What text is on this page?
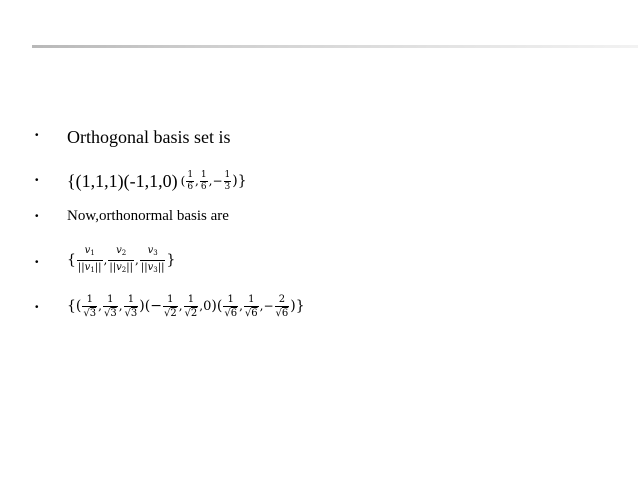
• Orthogonal basis set is
• {(1,1,1)(-1,1,0) ( $\frac{1}{6}$ , $\frac{1}{6}$ , − $\frac{1}{3}$ )}
• Now,orthonormal basis are
• { $\frac{v_1}{||v_1||}$ , $\frac{v_2}{||v_2||}$ , $\frac{v_3}{||v_3||}$ }
• {( $\frac{1}{√3}$ , $\frac{1}{√3}$ , $\frac{1}{√3}$ )(− $\frac{1}{√2}$ , $\frac{1}{√2}$ , 0 )( $\frac{1}{√6}$ , $\frac{1}{√6}$ , − $\frac{2}{√6}$ )}
